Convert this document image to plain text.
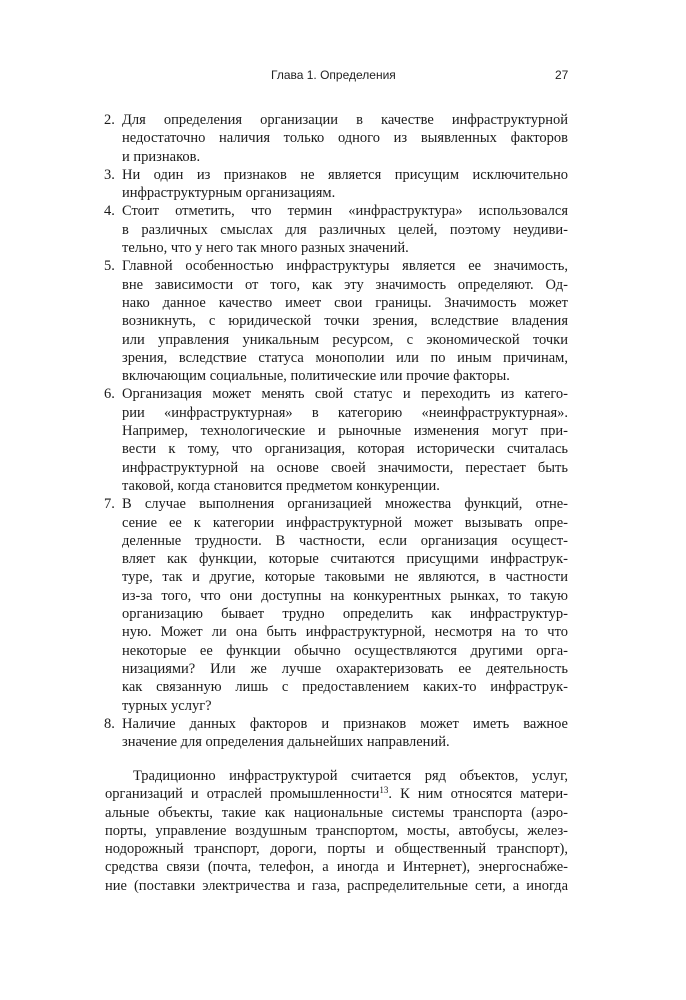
Глава 1. Определения	27
2. Для определения организации в качестве инфраструктурной
недостаточно наличия только одного из выявленных факторов
и признаков.
3. Ни один из признаков не является присущим исключительно
инфраструктурным организациям.
4. Стоит отметить, что термин «инфраструктура» использовался
в различных смыслах для различных целей, поэтому неудиви-
тельно, что у него так много разных значений.
5. Главной особенностью инфраструктуры является ее значимость,
вне зависимости от того, как эту значимость определяют. Од-
нако данное качество имеет свои границы. Значимость может
возникнуть, с юридической точки зрения, вследствие владения
или управления уникальным ресурсом, с экономической точки
зрения, вследствие статуса монополии или по иным причинам,
включающим социальные, политические или прочие факторы.
6. Организация может менять свой статус и переходить из катего-
рии «инфраструктурная» в категорию «неинфраструктурная».
Например, технологические и рыночные изменения могут при-
вести к тому, что организация, которая исторически считалась
инфраструктурной на основе своей значимости, перестает быть
таковой, когда становится предметом конкуренции.
7. В случае выполнения организацией множества функций, отне-
сение ее к категории инфраструктурной может вызывать опре-
деленные трудности. В частности, если организация осущест-
вляет как функции, которые считаются присущими инфраструк-
туре, так и другие, которые таковыми не являются, в частности
из-за того, что они доступны на конкурентных рынках, то такую
организацию бывает трудно определить как инфраструктур-
ную. Может ли она быть инфраструктурной, несмотря на то что
некоторые ее функции обычно осуществляются другими орга-
низациями? Или же лучше охарактеризовать ее деятельность
как связанную лишь с предоставлением каких-то инфраструк-
турных услуг?
8. Наличие данных факторов и признаков может иметь важное
значение для определения дальнейших направлений.
Традиционно инфраструктурой считается ряд объектов, услуг,
организаций и отраслей промышленности$^{13}$. К ним относятся матери-
альные объекты, такие как национальные системы транспорта (аэро-
порты, управление воздушным транспортом, мосты, автобусы, желез-
нодорожный транспорт, дороги, порты и общественный транспорт),
средства связи (почта, телефон, а иногда и Интернет), энергоснабже-
ние (поставки электричества и газа, распределительные сети, а иногда
